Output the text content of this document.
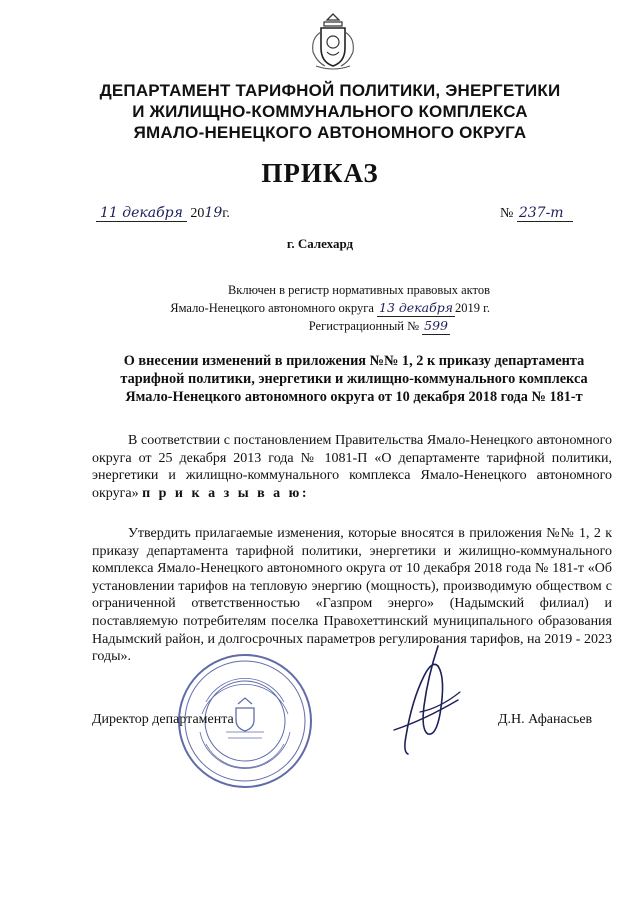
ДЕПАРТАМЕНТ ТАРИФНОЙ ПОЛИТИКИ, ЭНЕРГЕТИКИ
И ЖИЛИЩНО-КОММУНАЛЬНОГО КОМПЛЕКСА
ЯМАЛО-НЕНЕЦКОГО АВТОНОМНОГО ОКРУГА
ПРИКАЗ
11 декабря 2019г.	№ 237-т
г. Салехард
Включен в регистр нормативных правовых актов
Ямало-Ненецкого автономного округа 13 декабря 2019 г.
Регистрационный № 599
О внесении изменений в приложения №№ 1, 2 к приказу департамента тарифной политики, энергетики и жилищно-коммунального комплекса Ямало-Ненецкого автономного округа от 10 декабря 2018 года № 181-т
В соответствии с постановлением Правительства Ямало-Ненецкого автономного округа от 25 декабря 2013 года № 1081-П «О департаменте тарифной политики, энергетики и жилищно-коммунального комплекса Ямало-Ненецкого автономного округа» п р и к а з ы в а ю:
Утвердить прилагаемые изменения, которые вносятся в приложения №№ 1, 2 к приказу департамента тарифной политики, энергетики и жилищно-коммунального комплекса Ямало-Ненецкого автономного округа от 10 декабря 2018 года № 181-т «Об установлении тарифов на тепловую энергию (мощность), производимую обществом с ограниченной ответственностью «Газпром энерго» (Надымский филиал) и поставляемую потребителям поселка Правохеттинский муниципального образования Надымский район, и долгосрочных параметров регулирования тарифов, на 2019 - 2023 годы».
Директор департамента	Д.Н. Афанасьев
